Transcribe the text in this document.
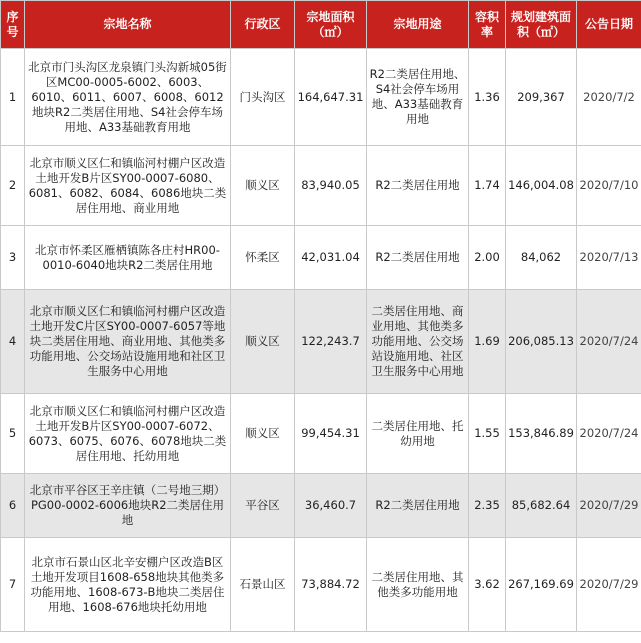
序号	宗地名称	行政区	宗地面积（㎡）	宗地用途	容积率	规划建筑面积（㎡）	公告日期
1	北京市门头沟区龙泉镇门头沟新城05街区MC00-0005-6002、6003、6010、6011、6007、6008、6012地块R2二类居住用地、S4社会停车场用地、A33基础教育用地	门头沟区	164,647.31	R2二类居住用地、S4社会停车场用地、A33基础教育用地	1.36	209,367	2020/7/2
2	北京市顺义区仁和镇临河村棚户区改造土地开发B片区SY00-0007-6080、6081、6082、6084、6086地块二类居住用地、商业用地	顺义区	83,940.05	R2二类居住用地	1.74	146,004.08	2020/7/10
3	北京市怀柔区雁栖镇陈各庄村HR00-0010-6040地块R2二类居住用地	怀柔区	42,031.04	R2二类居住用地	2.00	84,062	2020/7/13
4	北京市顺义区仁和镇临河村棚户区改造土地开发C片区SY00-0007-6057等地块二类居住用地、商业用地、其他类多功能用地、公交场站设施用地和社区卫生服务中心用地	顺义区	122,243.7	二类居住用地、商业用地、其他类多功能用地、公交场站设施用地、社区卫生服务中心用地	1.69	206,085.13	2020/7/24
5	北京市顺义区仁和镇临河村棚户区改造土地开发B片区SY00-0007-6072、6073、6075、6076、6078地块二类居住用地、托幼用地	顺义区	99,454.31	二类居住用地、托幼用地	1.55	153,846.89	2020/7/24
6	北京市平谷区王辛庄镇（二号地三期）PG00-0002-6006地块R2二类居住用地	平谷区	36,460.7	R2二类居住用地	2.35	85,682.64	2020/7/29
7	北京市石景山区北辛安棚户区改造B区土地开发项目1608-658地块其他类多功能用地、1608-673-B地块二类居住用地、1608-676地块托幼用地	石景山区	73,884.72	二类居住用地、其他类多功能用地	3.62	267,169.69	2020/7/29
